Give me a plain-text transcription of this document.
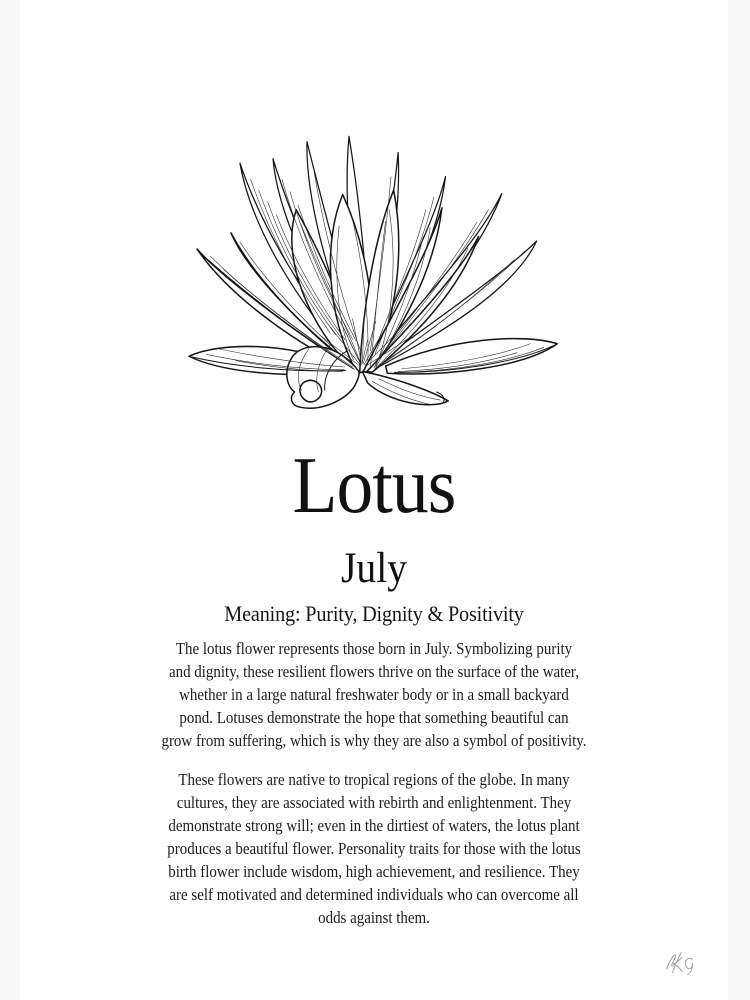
Lotus
July
Meaning: Purity, Dignity & Positivity

The lotus flower represents those born in July. Symbolizing purity
and dignity, these resilient flowers thrive on the surface of the water,
whether in a large natural freshwater body or in a small backyard
pond. Lotuses demonstrate the hope that something beautiful can
grow from suffering, which is why they are also a symbol of positivity.

These flowers are native to tropical regions of the globe. In many
cultures, they are associated with rebirth and enlightenment. They
demonstrate strong will; even in the dirtiest of waters, the lotus plant
produces a beautiful flower. Personality traits for those with the lotus
birth flower include wisdom, high achievement, and resilience. They
are self motivated and determined individuals who can overcome all
odds against them.
